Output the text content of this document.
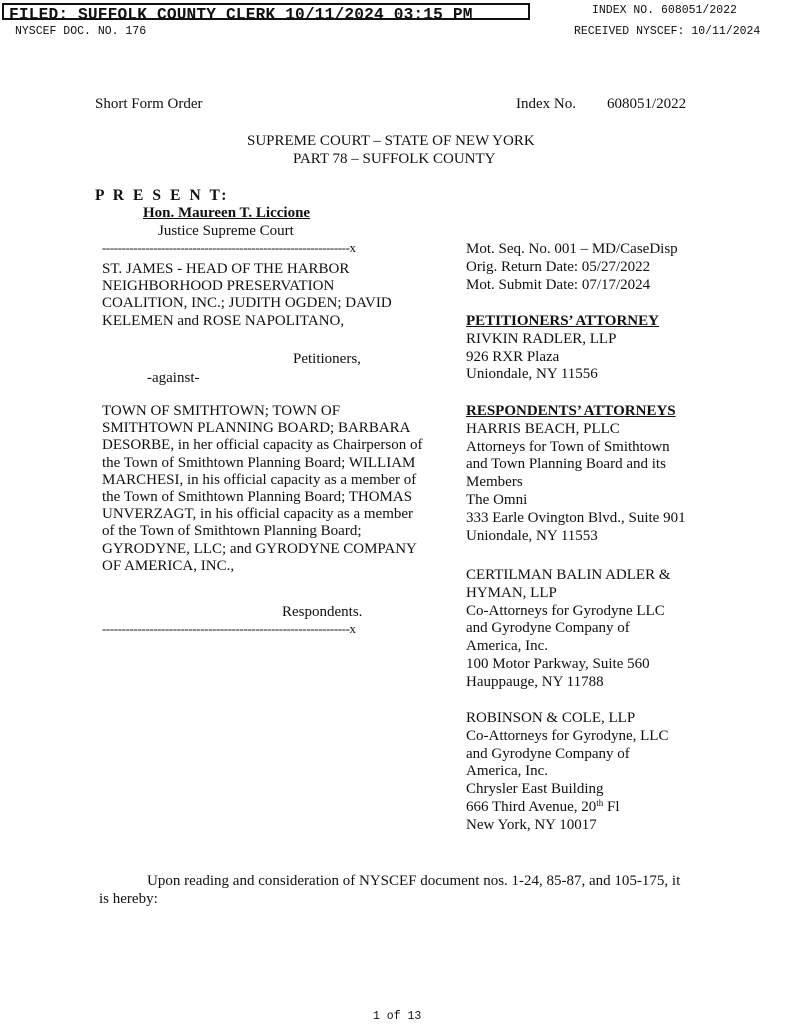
FILED: SUFFOLK COUNTY CLERK 10/11/2024 03:15 PM	INDEX NO. 608051/2022
NYSCEF DOC. NO. 176	RECEIVED NYSCEF: 10/11/2024
Short Form Order	Index No. 608051/2022
SUPREME COURT – STATE OF NEW YORK
PART 78 – SUFFOLK COUNTY
P R E S E N T:
Hon. Maureen T. Liccione
Justice Supreme Court
---------------------------------------------------------------x
ST. JAMES - HEAD OF THE HARBOR
NEIGHBORHOOD PRESERVATION
COALITION, INC.; JUDITH OGDEN; DAVID
KELEMEN and ROSE NAPOLITANO,
Petitioners,
-against-
TOWN OF SMITHTOWN; TOWN OF
SMITHTOWN PLANNING BOARD; BARBARA
DESORBE, in her official capacity as Chairperson of
the Town of Smithtown Planning Board; WILLIAM
MARCHESI, in his official capacity as a member of
the Town of Smithtown Planning Board; THOMAS
UNVERZAGT, in his official capacity as a member
of the Town of Smithtown Planning Board;
GYRODYNE, LLC; and GYRODYNE COMPANY
OF AMERICA, INC.,
Respondents.
---------------------------------------------------------------x
Mot. Seq. No. 001 – MD/CaseDisp
Orig. Return Date: 05/27/2022
Mot. Submit Date: 07/17/2024
PETITIONERS’ ATTORNEY
RIVKIN RADLER, LLP
926 RXR Plaza
Uniondale, NY 11556
RESPONDENTS’ ATTORNEYS
HARRIS BEACH, PLLC
Attorneys for Town of Smithtown
and Town Planning Board and its
Members
The Omni
333 Earle Ovington Blvd., Suite 901
Uniondale, NY 11553
CERTILMAN BALIN ADLER &
HYMAN, LLP
Co-Attorneys for Gyrodyne LLC
and Gyrodyne Company of
America, Inc.
100 Motor Parkway, Suite 560
Hauppauge, NY 11788
ROBINSON & COLE, LLP
Co-Attorneys for Gyrodyne, LLC
and Gyrodyne Company of
America, Inc.
Chrysler East Building
666 Third Avenue, 20th Fl
New York, NY 10017
Upon reading and consideration of NYSCEF document nos. 1-24, 85-87, and 105-175, it
is hereby:
1 of 13
